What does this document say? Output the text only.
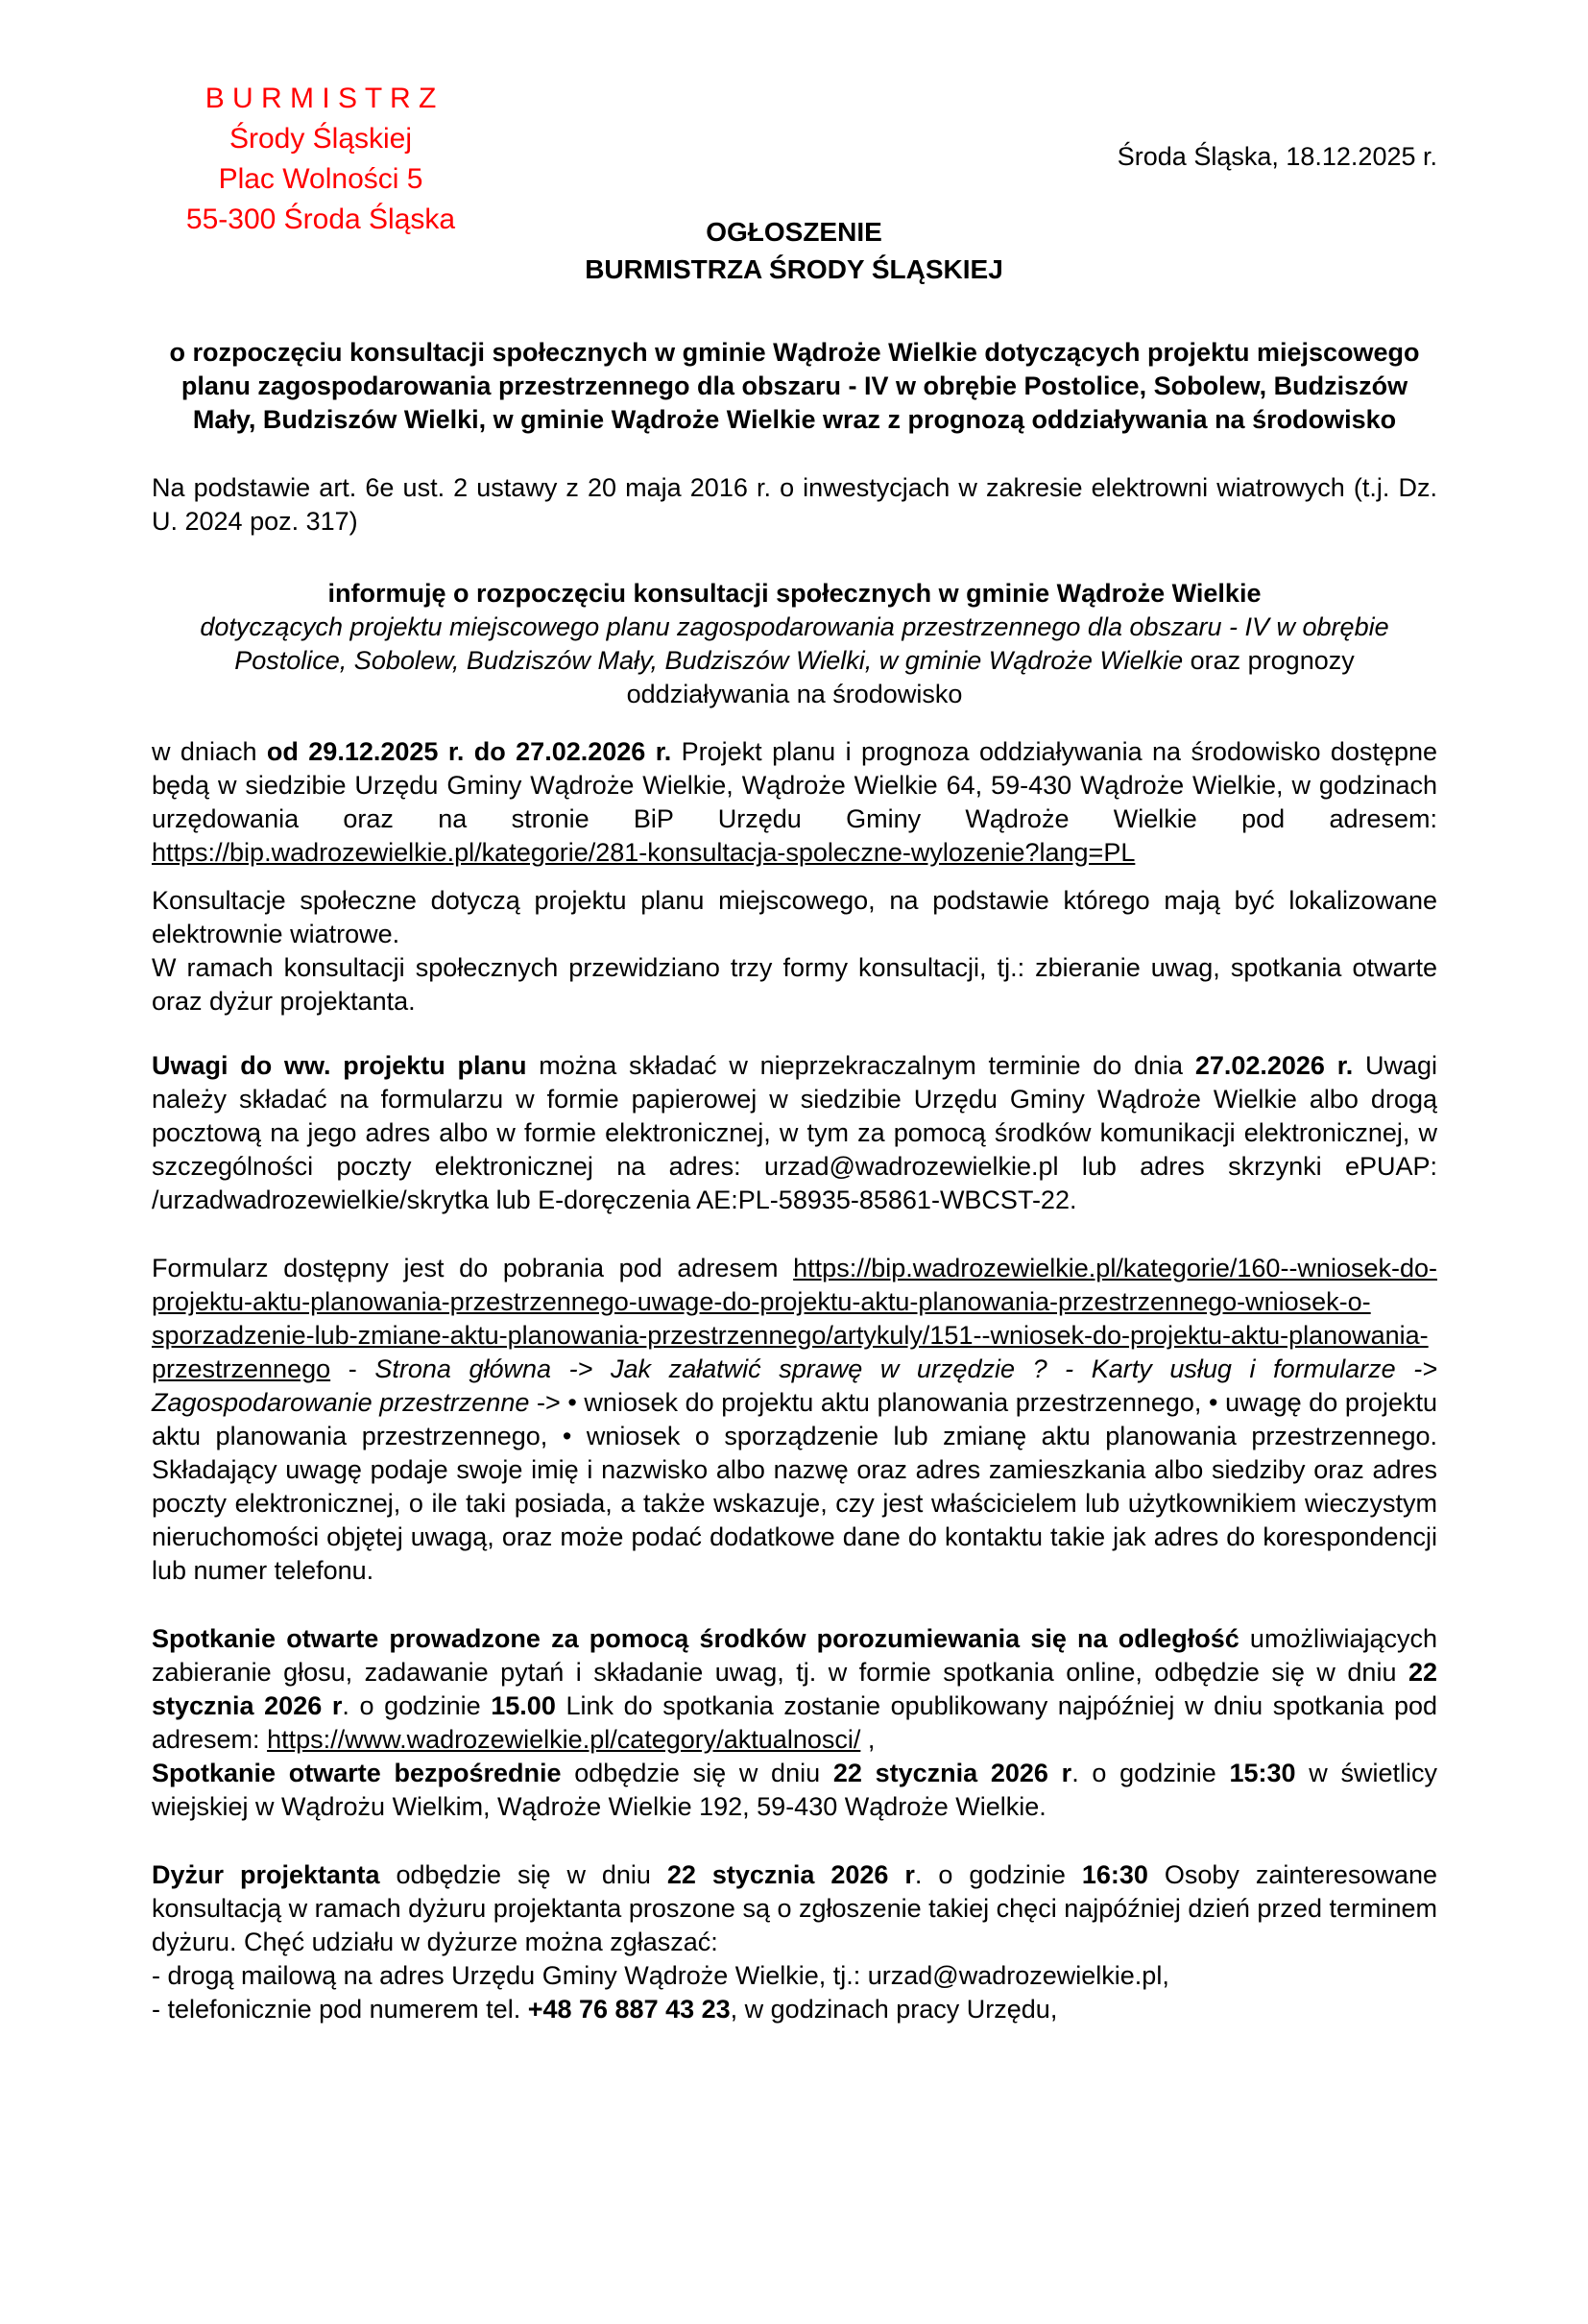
B U R M I S T R Z
Środy Śląskiej
Plac Wolności 5
55-300 Środa Śląska
Środa Śląska, 18.12.2025 r.
OGŁOSZENIE
BURMISTRZA ŚRODY ŚLĄSKIEJ

o rozpoczęciu konsultacji społecznych w gminie Wądroże Wielkie dotyczących projektu miejscowego planu zagospodarowania przestrzennego dla obszaru - IV w obrębie Postolice, Sobolew, Budziszów Mały, Budziszów Wielki, w gminie Wądroże Wielkie wraz z prognozą oddziaływania na środowisko

Na podstawie art. 6e ust. 2 ustawy z 20 maja 2016 r. o inwestycjach w zakresie elektrowni wiatrowych (t.j. Dz. U. 2024 poz. 317)

informuję o rozpoczęciu konsultacji społecznych w gminie Wądroże Wielkie
dotyczących projektu miejscowego planu zagospodarowania przestrzennego dla obszaru - IV w obrębie Postolice, Sobolew, Budziszów Mały, Budziszów Wielki, w gminie Wądroże Wielkie oraz prognozy oddziaływania na środowisko

w dniach od 29.12.2025 r. do 27.02.2026 r. Projekt planu i prognoza oddziaływania na środowisko dostępne będą w siedzibie Urzędu Gminy Wądroże Wielkie, Wądroże Wielkie 64, 59-430 Wądroże Wielkie, w godzinach urzędowania oraz na stronie BiP Urzędu Gminy Wądroże Wielkie pod adresem: https://bip.wadrozewielkie.pl/kategorie/281-konsultacja-spoleczne-wylozenie?lang=PL

Konsultacje społeczne dotyczą projektu planu miejscowego, na podstawie którego mają być lokalizowane elektrownie wiatrowe.
W ramach konsultacji społecznych przewidziano trzy formy konsultacji, tj.: zbieranie uwag, spotkania otwarte oraz dyżur projektanta.

Uwagi do ww. projektu planu można składać w nieprzekraczalnym terminie do dnia 27.02.2026 r. Uwagi należy składać na formularzu w formie papierowej w siedzibie Urzędu Gminy Wądroże Wielkie albo drogą pocztową na jego adres albo w formie elektronicznej, w tym za pomocą środków komunikacji elektronicznej, w szczególności poczty elektronicznej na adres: urzad@wadrozewielkie.pl lub adres skrzynki ePUAP: /urzadwadrozewielkie/skrytka lub E-doręczenia AE:PL-58935-85861-WBCST-22.

Formularz dostępny jest do pobrania pod adresem https://bip.wadrozewielkie.pl/kategorie/160--wniosek-do-projektu-aktu-planowania-przestrzennego-uwage-do-projektu-aktu-planowania-przestrzennego-wniosek-o-sporzadzenie-lub-zmiane-aktu-planowania-przestrzennego/artykuly/151--wniosek-do-projektu-aktu-planowania-przestrzennego - Strona główna -> Jak załatwić sprawę w urzędzie ? - Karty usług i formularze -> Zagospodarowanie przestrzenne -> • wniosek do projektu aktu planowania przestrzennego, • uwagę do projektu aktu planowania przestrzennego, • wniosek o sporządzenie lub zmianę aktu planowania przestrzennego. Składający uwagę podaje swoje imię i nazwisko albo nazwę oraz adres zamieszkania albo siedziby oraz adres poczty elektronicznej, o ile taki posiada, a także wskazuje, czy jest właścicielem lub użytkownikiem wieczystym nieruchomości objętej uwagą, oraz może podać dodatkowe dane do kontaktu takie jak adres do korespondencji lub numer telefonu.

Spotkanie otwarte prowadzone za pomocą środków porozumiewania się na odległość umożliwiających zabieranie głosu, zadawanie pytań i składanie uwag, tj. w formie spotkania online, odbędzie się w dniu 22 stycznia 2026 r. o godzinie 15.00 Link do spotkania zostanie opublikowany najpóźniej w dniu spotkania pod adresem: https://www.wadrozewielkie.pl/category/aktualnosci/ ,
Spotkanie otwarte bezpośrednie odbędzie się w dniu 22 stycznia 2026 r. o godzinie 15:30 w świetlicy wiejskiej w Wądrożu Wielkim, Wądroże Wielkie 192, 59-430 Wądroże Wielkie.

Dyżur projektanta odbędzie się w dniu 22 stycznia 2026 r. o godzinie 16:30 Osoby zainteresowane konsultacją w ramach dyżuru projektanta proszone są o zgłoszenie takiej chęci najpóźniej dzień przed terminem dyżuru. Chęć udziału w dyżurze można zgłaszać:
- drogą mailową na adres Urzędu Gminy Wądroże Wielkie, tj.: urzad@wadrozewielkie.pl,
- telefonicznie pod numerem tel. +48 76 887 43 23, w godzinach pracy Urzędu,
